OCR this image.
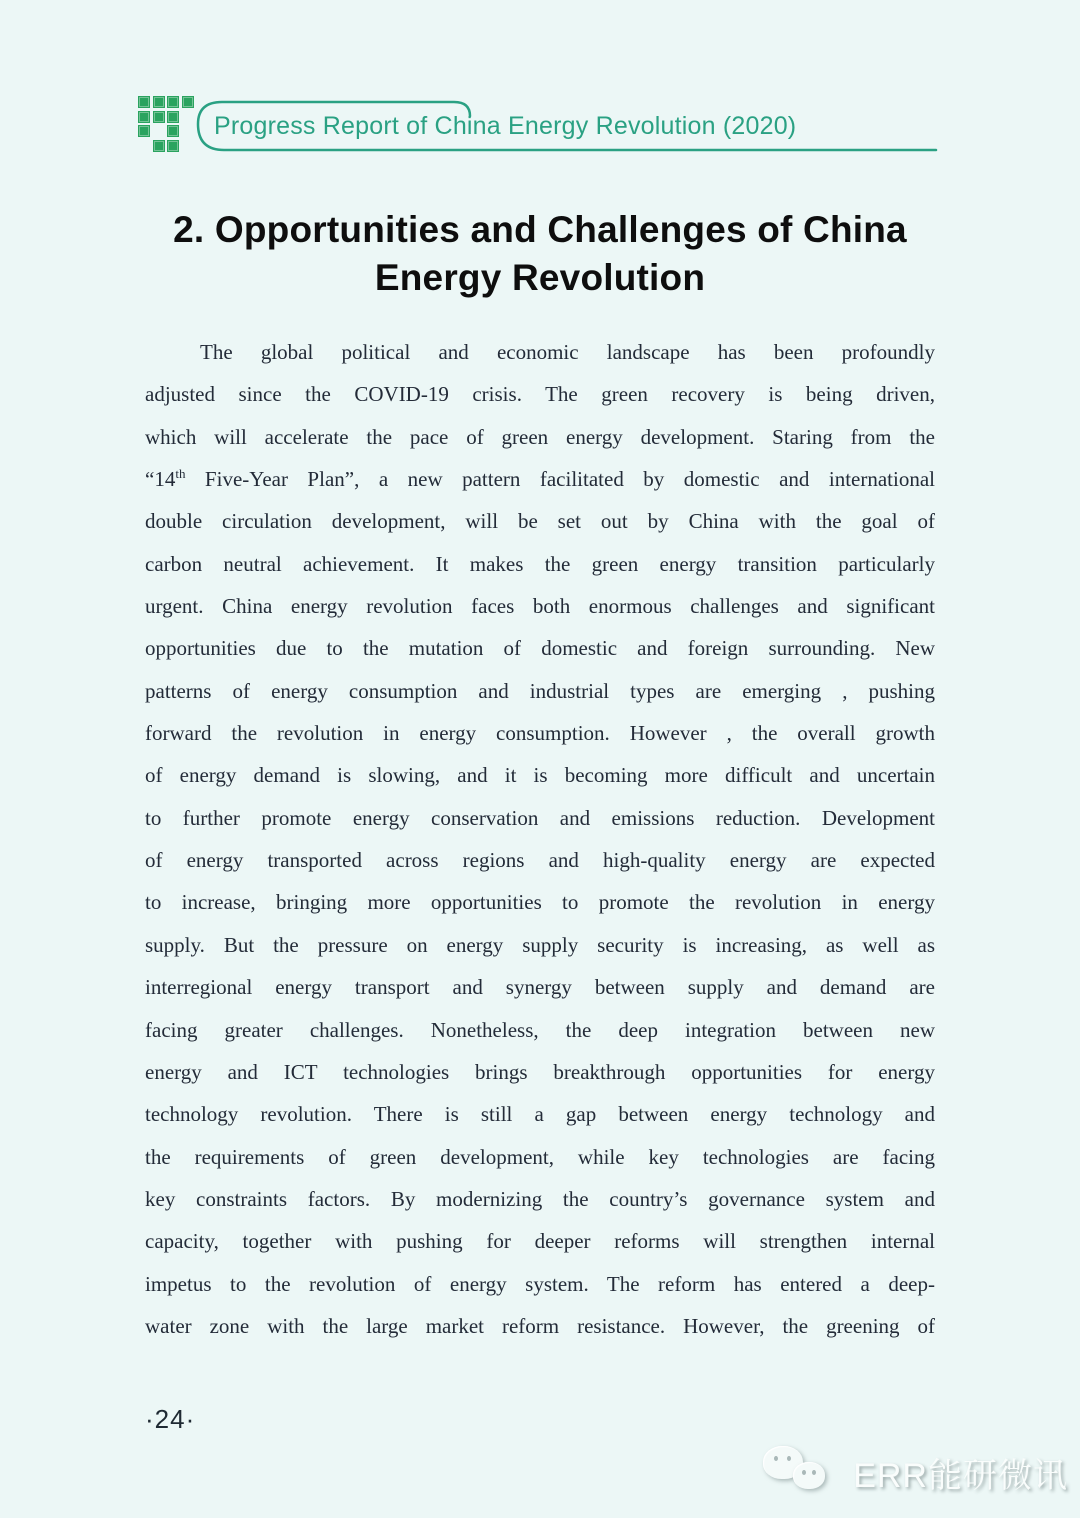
Progress Report of China Energy Revolution (2020)
2. Opportunities and Challenges of China
Energy Revolution
The global political and economic landscape has been profoundly
adjusted since the COVID-19 crisis. The green recovery is being driven,
which will accelerate the pace of green energy development. Staring from the
“14th Five-Year Plan”, a new pattern facilitated by domestic and international
double circulation development, will be set out by China with the goal of
carbon neutral achievement. It makes the green energy transition particularly
urgent. China energy revolution faces both enormous challenges and significant
opportunities due to the mutation of domestic and foreign surrounding. New
patterns of energy consumption and industrial types are emerging , pushing
forward the revolution in energy consumption. However , the overall growth
of energy demand is slowing, and it is becoming more difficult and uncertain
to further promote energy conservation and emissions reduction. Development
of energy transported across regions and high-quality energy are expected
to increase, bringing more opportunities to promote the revolution in energy
supply. But the pressure on energy supply security is increasing, as well as
interregional energy transport and synergy between supply and demand are
facing greater challenges. Nonetheless, the deep integration between new
energy and ICT technologies brings breakthrough opportunities for energy
technology revolution. There is still a gap between energy technology and
the requirements of green development, while key technologies are facing
key constraints factors. By modernizing the country’s governance system and
capacity, together with pushing for deeper reforms will strengthen internal
impetus to the revolution of energy system. The reform has entered a deep-
water zone with the large market reform resistance. However, the greening of
·24·
ERR能研微讯
